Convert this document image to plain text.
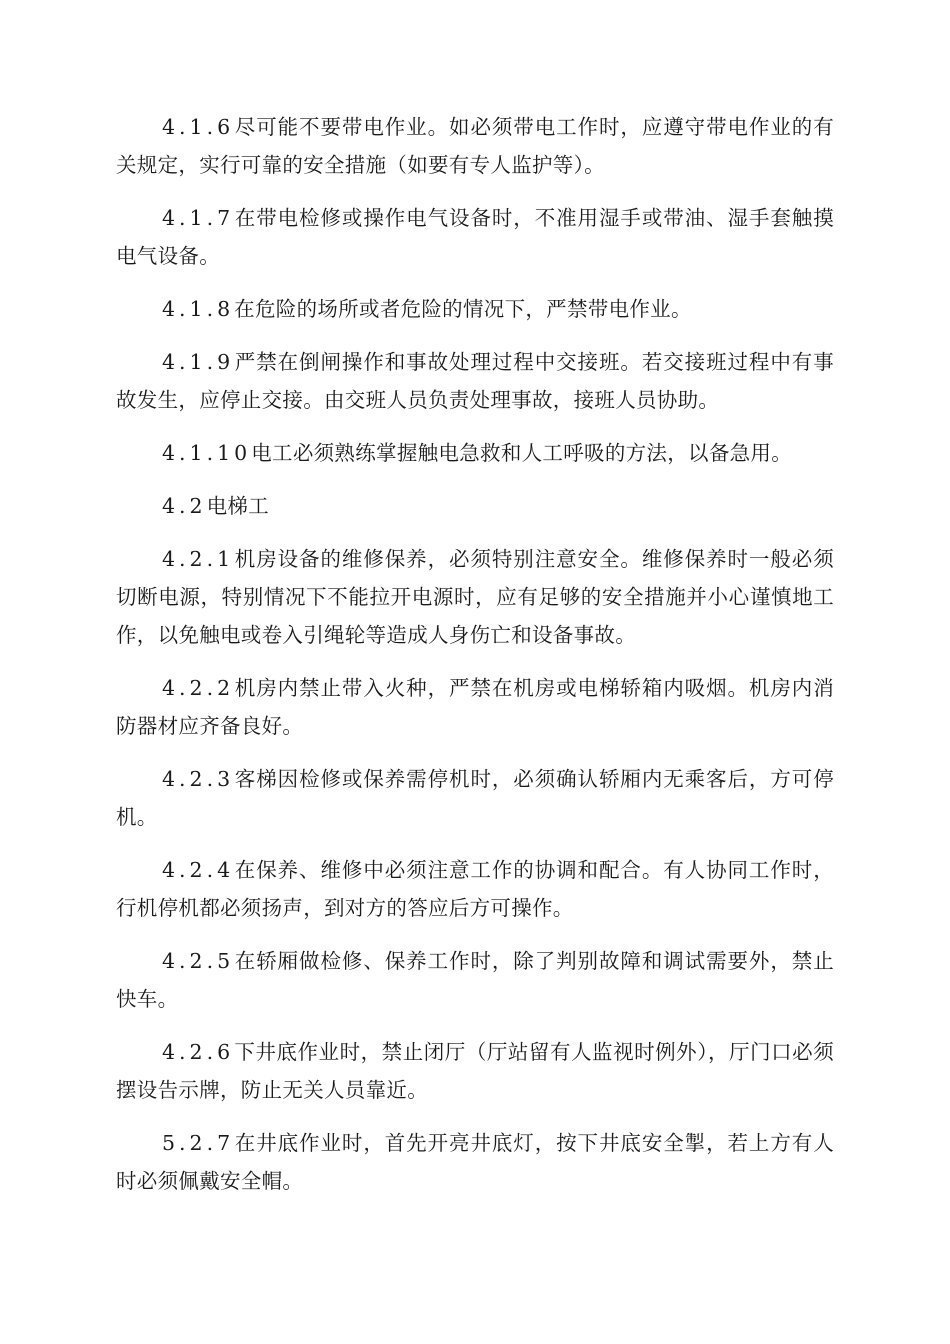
4.1.6尽可能不要带电作业。如必须带电工作时，应遵守带电作业的有关规定，实行可靠的安全措施（如要有专人监护等）。

4.1.7在带电检修或操作电气设备时，不准用湿手或带油、湿手套触摸电气设备。

4.1.8在危险的场所或者危险的情况下，严禁带电作业。

4.1.9严禁在倒闸操作和事故处理过程中交接班。若交接班过程中有事故发生，应停止交接。由交班人员负责处理事故，接班人员协助。

4.1.10电工必须熟练掌握触电急救和人工呼吸的方法，以备急用。

4.2电梯工

4.2.1机房设备的维修保养，必须特别注意安全。维修保养时一般必须切断电源，特别情况下不能拉开电源时，应有足够的安全措施并小心谨慎地工作，以免触电或卷入引绳轮等造成人身伤亡和设备事故。

4.2.2机房内禁止带入火种，严禁在机房或电梯轿箱内吸烟。机房内消防器材应齐备良好。

4.2.3客梯因检修或保养需停机时，必须确认轿厢内无乘客后，方可停机。

4.2.4在保养、维修中必须注意工作的协调和配合。有人协同工作时，行机停机都必须扬声，到对方的答应后方可操作。

4.2.5在轿厢做检修、保养工作时，除了判别故障和调试需要外，禁止快车。

4.2.6下井底作业时，禁止闭厅（厅站留有人监视时例外），厅门口必须摆设告示牌，防止无关人员靠近。

5.2.7在井底作业时，首先开亮井底灯，按下井底安全掣，若上方有人时必须佩戴安全帽。
